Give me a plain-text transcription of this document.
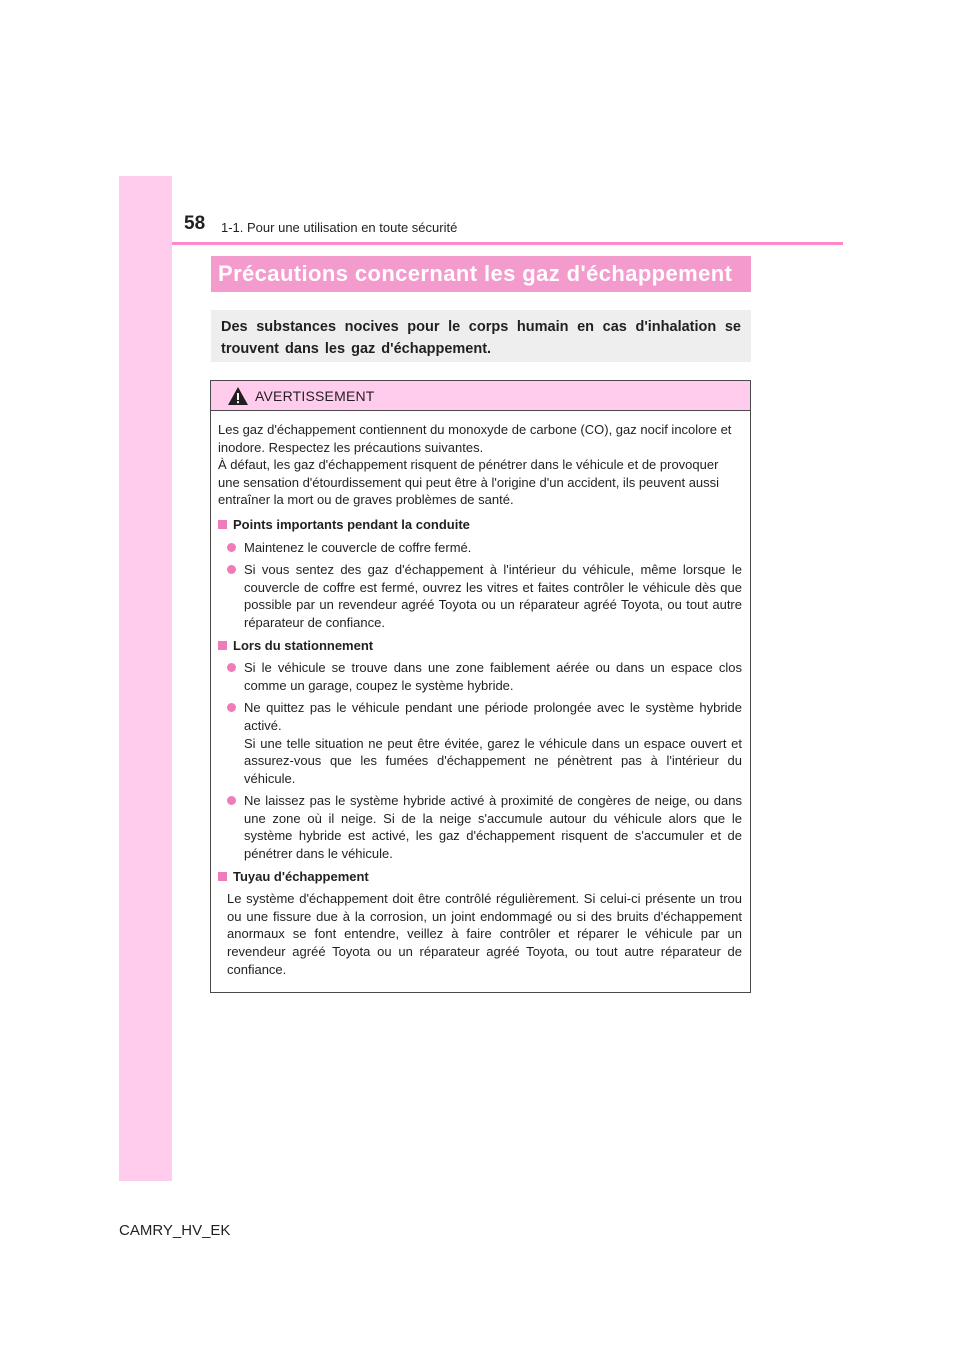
58 1-1. Pour une utilisation en toute sécurité
Précautions concernant les gaz d'échappement
Des substances nocives pour le corps humain en cas d'inhalation se trouvent dans les gaz d'échappement.
AVERTISSEMENT
Les gaz d'échappement contiennent du monoxyde de carbone (CO), gaz nocif incolore et inodore. Respectez les précautions suivantes.
À défaut, les gaz d'échappement risquent de pénétrer dans le véhicule et de provoquer une sensation d'étourdissement qui peut être à l'origine d'un accident, ils peuvent aussi entraîner la mort ou de graves problèmes de santé.
Points importants pendant la conduite
Maintenez le couvercle de coffre fermé.
Si vous sentez des gaz d'échappement à l'intérieur du véhicule, même lorsque le couvercle de coffre est fermé, ouvrez les vitres et faites contrôler le véhicule dès que possible par un revendeur agréé Toyota ou un réparateur agréé Toyota, ou tout autre réparateur de confiance.
Lors du stationnement
Si le véhicule se trouve dans une zone faiblement aérée ou dans un espace clos comme un garage, coupez le système hybride.
Ne quittez pas le véhicule pendant une période prolongée avec le système hybride activé.
Si une telle situation ne peut être évitée, garez le véhicule dans un espace ouvert et assurez-vous que les fumées d'échappement ne pénètrent pas à l'intérieur du véhicule.
Ne laissez pas le système hybride activé à proximité de congères de neige, ou dans une zone où il neige. Si de la neige s'accumule autour du véhicule alors que le système hybride est activé, les gaz d'échappement risquent de s'accumuler et de pénétrer dans le véhicule.
Tuyau d'échappement
Le système d'échappement doit être contrôlé régulièrement. Si celui-ci présente un trou ou une fissure due à la corrosion, un joint endommagé ou si des bruits d'échappement anormaux se font entendre, veillez à faire contrôler et réparer le véhicule par un revendeur agréé Toyota ou un réparateur agréé Toyota, ou tout autre réparateur de confiance.
CAMRY_HV_EK
